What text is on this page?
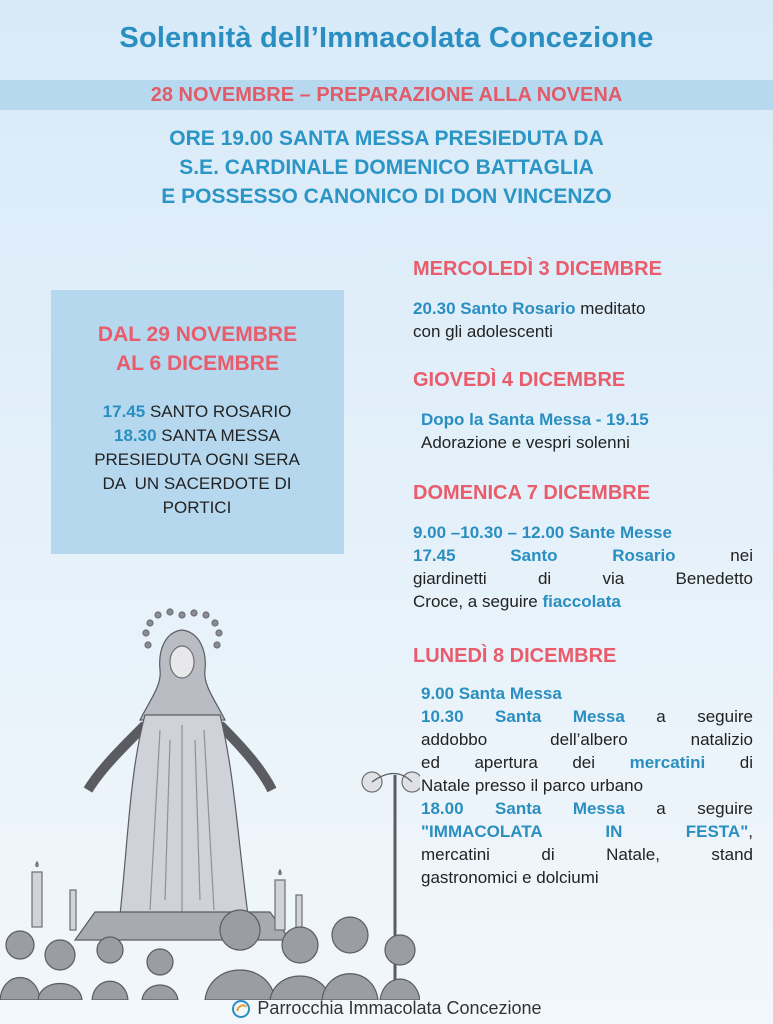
Solennità dell’Immacolata Concezione
28 NOVEMBRE – PREPARAZIONE ALLA NOVENA
ORE 19.00 SANTA MESSA PRESIEDUTA DA
S.E. CARDINALE DOMENICO BATTAGLIA
E POSSESSO CANONICO DI DON VINCENZO
DAL 29 NOVEMBRE
AL 6 DICEMBRE
17.45 SANTO ROSARIO
18.30 SANTA MESSA
PRESIEDUTA OGNI SERA
DA  UN SACERDOTE DI
PORTICI
MERCOLEDÌ 3 DICEMBRE
20.30 Santo Rosario meditato
con gli adolescenti
GIOVEDÌ 4 DICEMBRE
Dopo la Santa Messa - 19.15
Adorazione e vespri solenni
DOMENICA 7 DICEMBRE
9.00 –10.30 – 12.00 Sante Messe
17.45 Santo Rosario nei
giardinetti di via Benedetto
Croce, a seguire fiaccolata
LUNEDÌ 8 DICEMBRE
9.00 Santa Messa
10.30 Santa Messa a seguire
addobbo dell’albero natalizio
ed apertura dei mercatini di
Natale presso il parco urbano
18.00 Santa Messa a seguire
"IMMACOLATA IN FESTA",
mercatini di Natale, stand
gastronomici e dolciumi
Parrocchia Immacolata Concezione
